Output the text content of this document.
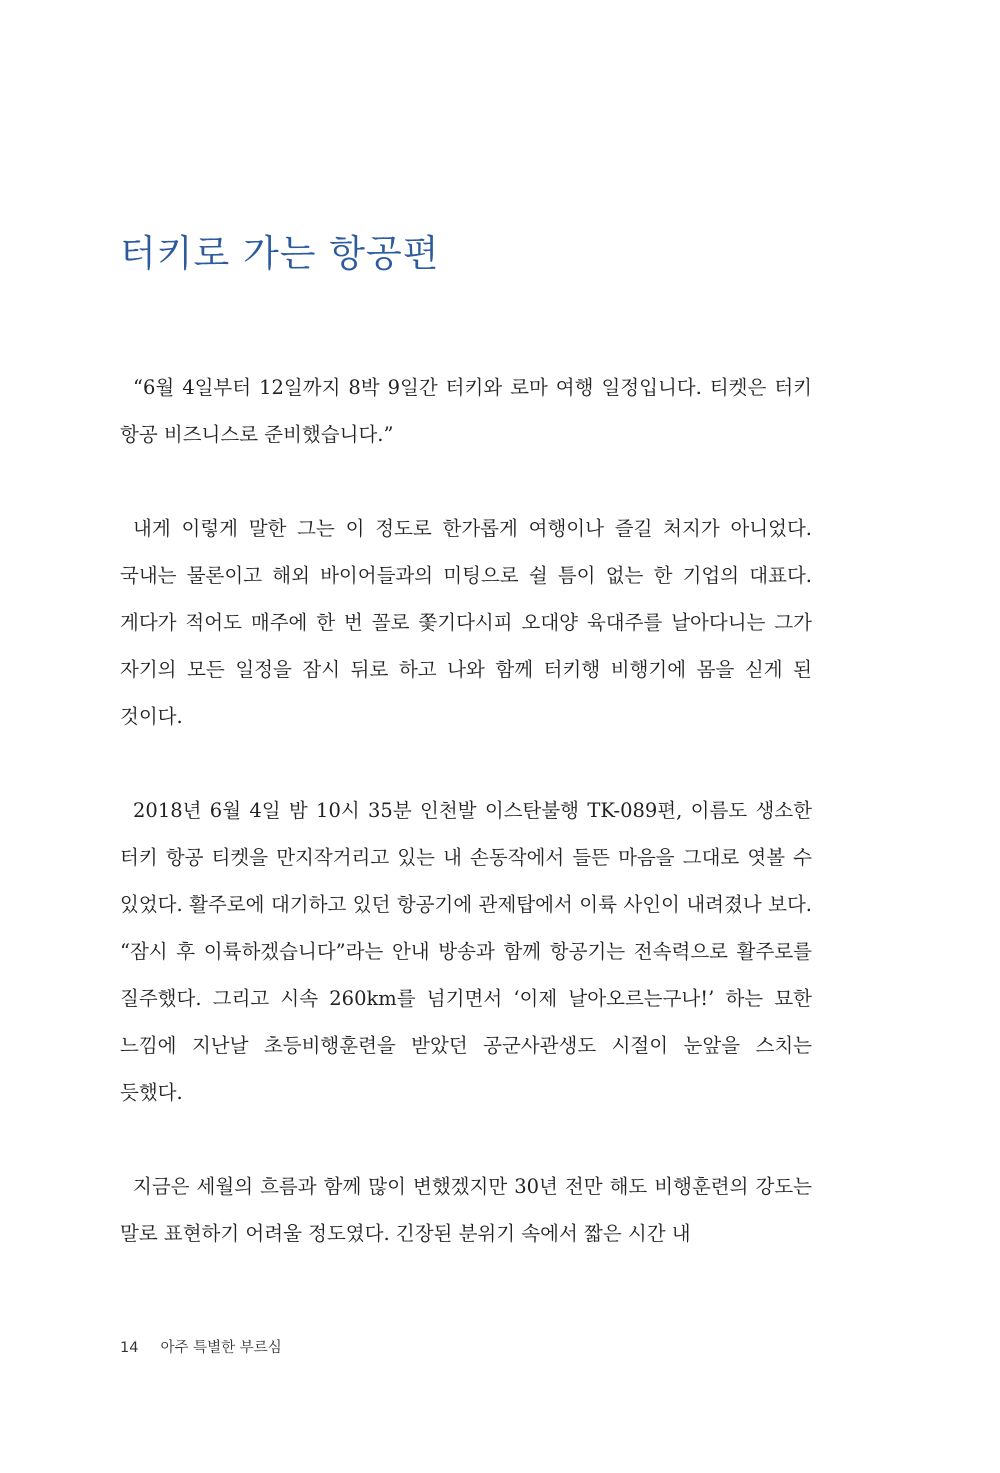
터키로 가는 항공편

“6월 4일부터 12일까지 8박 9일간 터키와 로마 여행 일정입니다. 티켓은 터키 항공 비즈니스로 준비했습니다.”

내게 이렇게 말한 그는 이 정도로 한가롭게 여행이나 즐길 처지가 아니었다. 국내는 물론이고 해외 바이어들과의 미팅으로 쉴 틈이 없는 한 기업의 대표다. 게다가 적어도 매주에 한 번 꼴로 쫓기다시피 오대양 육대주를 날아다니는 그가 자기의 모든 일정을 잠시 뒤로 하고 나와 함께 터키행 비행기에 몸을 싣게 된 것이다.

2018년 6월 4일 밤 10시 35분 인천발 이스탄불행 TK-089편, 이름도 생소한 터키 항공 티켓을 만지작거리고 있는 내 손동작에서 들뜬 마음을 그대로 엿볼 수 있었다. 활주로에 대기하고 있던 항공기에 관제탑에서 이륙 사인이 내려졌나 보다. “잠시 후 이륙하겠습니다”라는 안내 방송과 함께 항공기는 전속력으로 활주로를 질주했다. 그리고 시속 260km를 넘기면서 ‘이제 날아오르는구나!’ 하는 묘한 느낌에 지난날 초등비행훈련을 받았던 공군사관생도 시절이 눈앞을 스치는 듯했다.

지금은 세월의 흐름과 함께 많이 변했겠지만 30년 전만 해도 비행훈련의 강도는 말로 표현하기 어려울 정도였다. 긴장된 분위기 속에서 짧은 시간 내

14 아주 특별한 부르심
